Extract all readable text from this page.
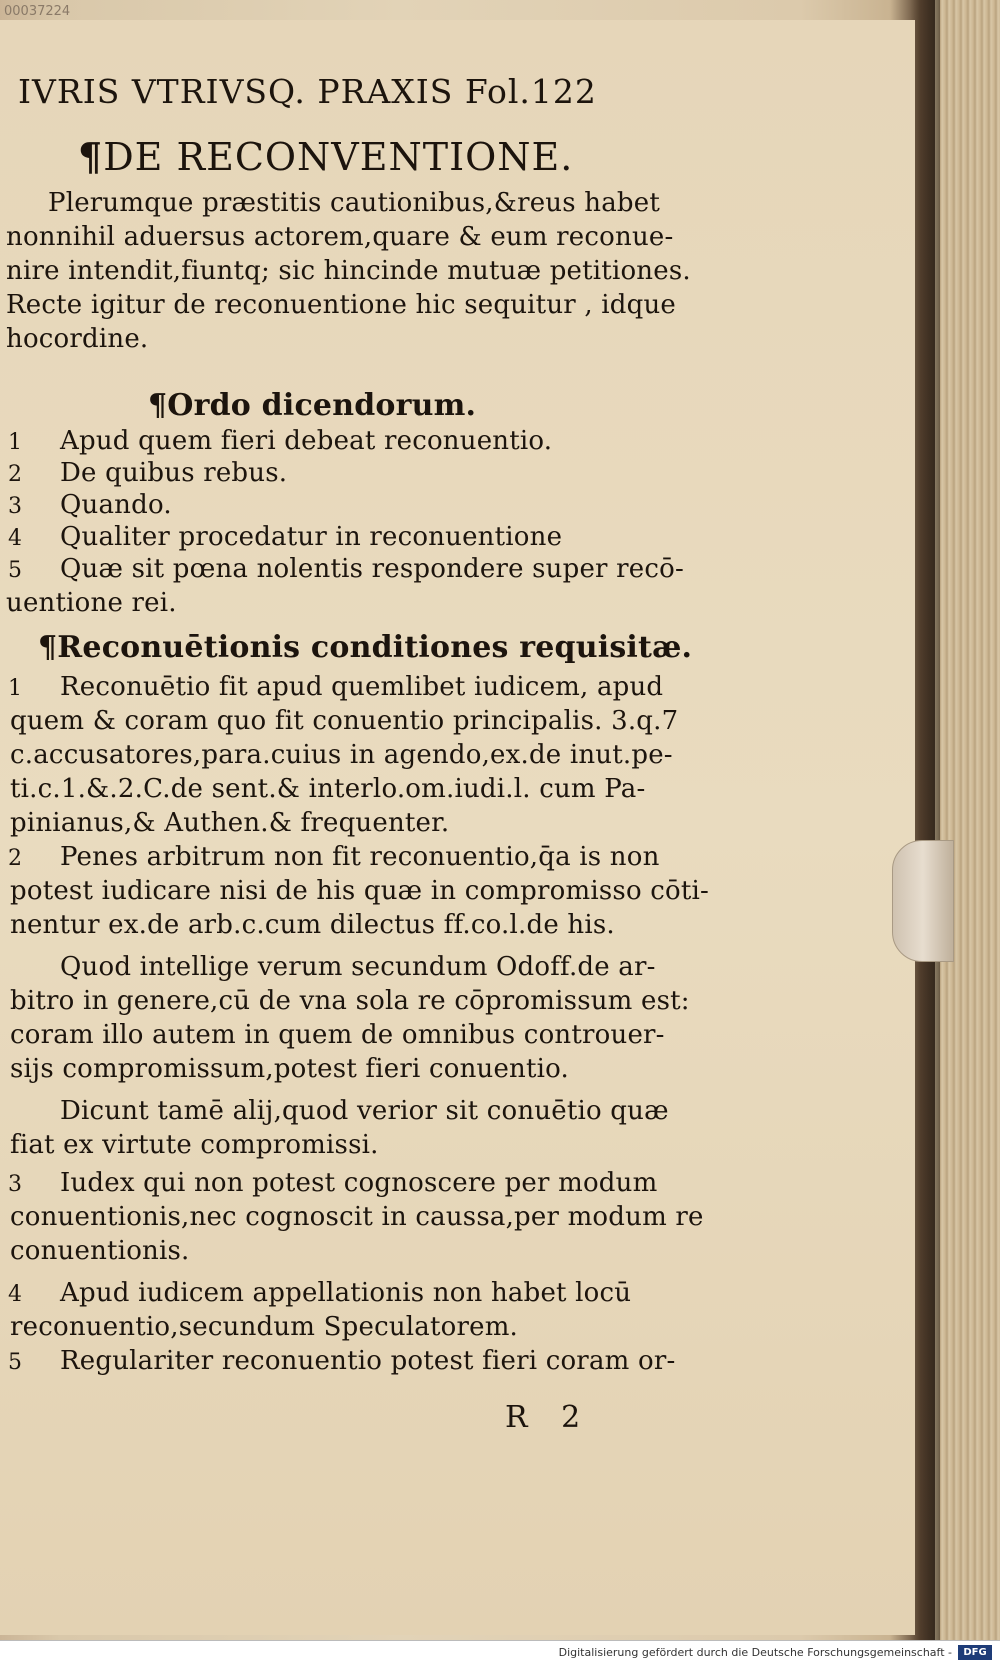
00037224

IVRIS VTRIVSQ. PRAXIS Fol.122

¶DE RECONVENTIONE.

Plerumque præstitis cautionibus,&reus habet

nonnihil aduersus actorem,quare & eum reconue-

nire intendit,fiuntq; sic hincinde mutuæ petitiones.

Recte igitur de reconuentione hic sequitur , idque

hocordine.

¶Ordo dicendorum.

1 Apud quem fieri debeat reconuentio.

2 De quibus rebus.

3 Quando.

4 Qualiter procedatur in reconuentione

5 Quæ sit pœna nolentis respondere super recō-

uentione rei.

¶Reconuētionis conditiones requisitæ.

1 Reconuētio fit apud quemlibet iudicem, apud

quem & coram quo fit conuentio principalis. 3.q.7

c.accusatores,para.cuius in agendo,ex.de inut.pe-

ti.c.1.&.2.C.de sent.& interlo.om.iudi.l. cum Pa-

pinianus,& Authen.& frequenter.

2 Penes arbitrum non fit reconuentio,q̄a is non

potest iudicare nisi de his quæ in compromisso cōti-

nentur ex.de arb.c.cum dilectus ff.co.l.de his.

Quod intellige verum secundum Odoff.de ar-

bitro in genere,cū de vna sola re cōpromissum est:

coram illo autem in quem de omnibus controuer-

sijs compromissum,potest fieri conuentio.

Dicunt tamē alij,quod verior sit conuētio quæ

fiat ex virtute compromissi.

3 Iudex qui non potest cognoscere per modum

conuentionis,nec cognoscit in caussa,per modum re

conuentionis.

4 Apud iudicem appellationis non habet locū

reconuentio,secundum Speculatorem.

5 Regulariter reconuentio potest fieri coram or-

R 2

Digitalisierung gefördert durch die Deutsche Forschungsgemeinschaft -	DFG
